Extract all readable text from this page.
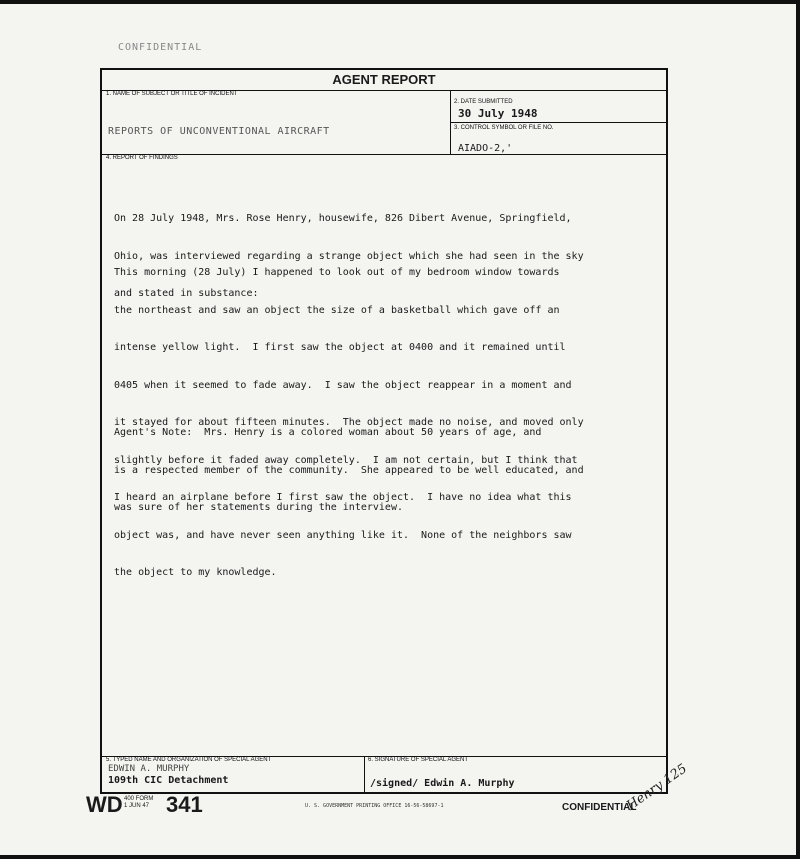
CONFIDENTIAL
AGENT REPORT
1. NAME OF SUBJECT OR TITLE OF INCIDENT
REPORTS OF UNCONVENTIONAL AIRCRAFT
2. DATE SUBMITTED
30 July 1948
3. CONTROL SYMBOL OR FILE NO.
AIADO-2,'
4. REPORT OF FINDINGS

On 28 July 1948, Mrs. Rose Henry, housewife, 826 Dibert Avenue, Springfield,

Ohio, was interviewed regarding a strange object which she had seen in the sky

and stated in substance:

This morning (28 July) I happened to look out of my bedroom window towards

the northeast and saw an object the size of a basketball which gave off an

intense yellow light.  I first saw the object at 0400 and it remained until

0405 when it seemed to fade away.  I saw the object reappear in a moment and

it stayed for about fifteen minutes.  The object made no noise, and moved only

slightly before it faded away completely.  I am not certain, but I think that

I heard an airplane before I first saw the object.  I have no idea what this

object was, and have never seen anything like it.  None of the neighbors saw

the object to my knowledge.

Agent's Note:  Mrs. Henry is a colored woman about 50 years of age, and

is a respected member of the community.  She appeared to be well educated, and

was sure of her statements during the interview.

5. TYPED NAME AND ORGANIZATION OF SPECIAL AGENT
EDWIN A. MURPHY
109th CIC Detachment
6. SIGNATURE OF SPECIAL AGENT
/signed/ Edwin A. Murphy
WD 400 FORM
1 JUN 47 341	U. S. GOVERNMENT PRINTING OFFICE 16-56-58697-1	CONFIDENTIAL
Henry 125
